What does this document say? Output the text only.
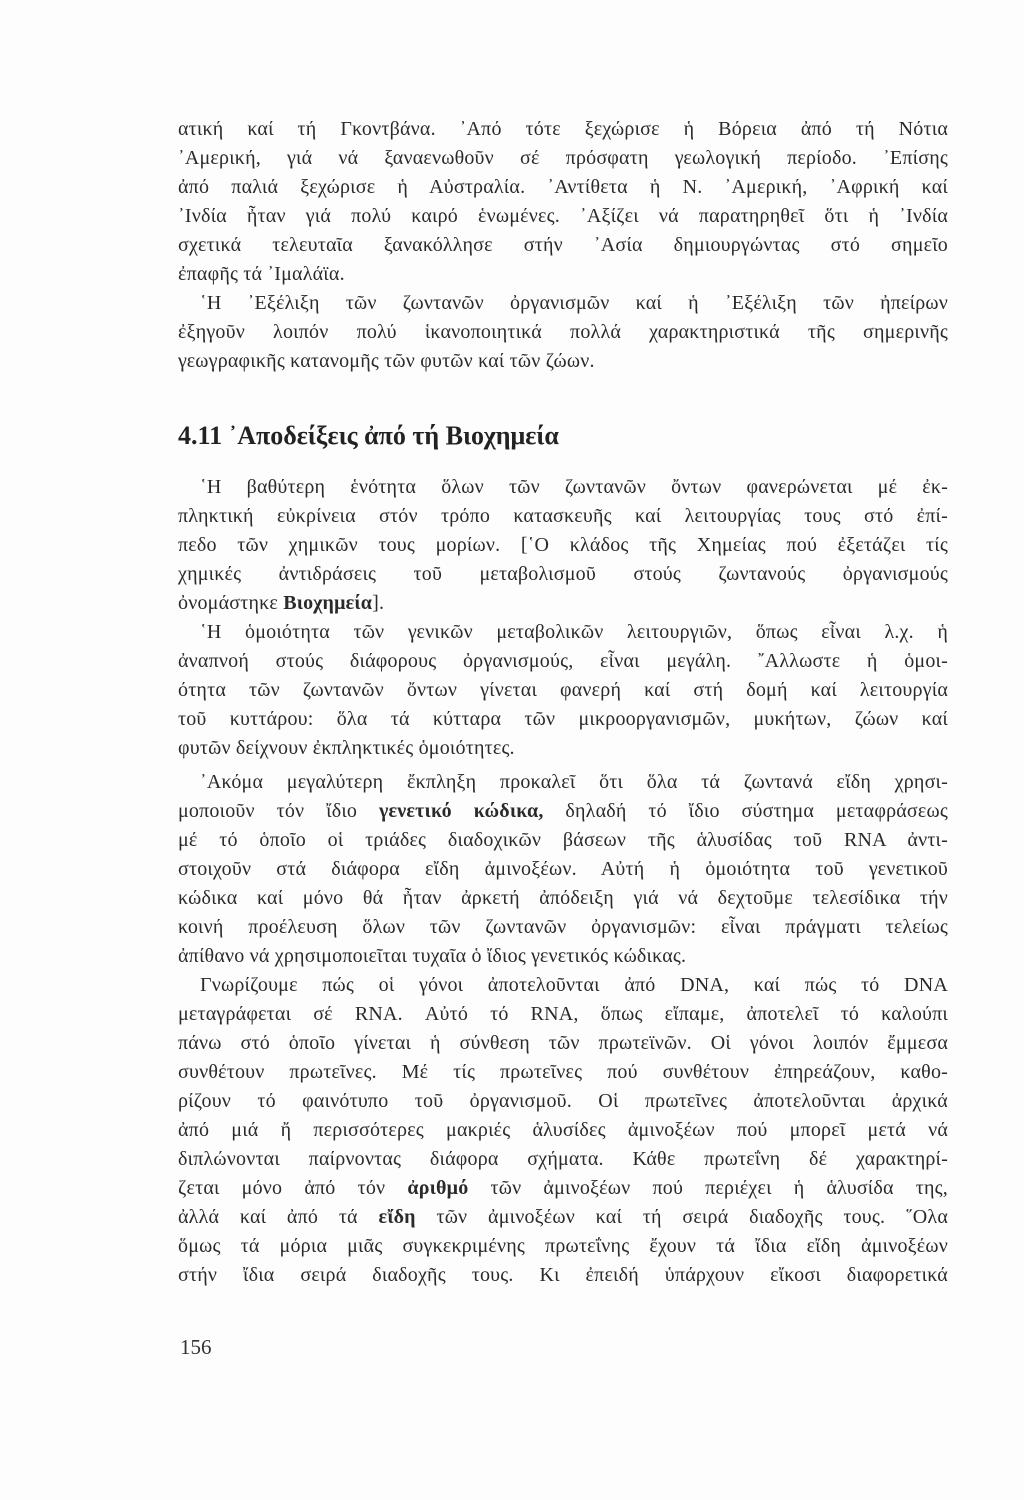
ατική καί τή Γκοντβάνα. ᾿Από τότε ξεχώρισε ἡ Βόρεια ἀπό τή Νότια
᾿Αμερική, γιά νά ξαναενωθοῦν σέ πρόσφατη γεωλογική περίοδο. ᾿Επίσης
ἀπό παλιά ξεχώρισε ἡ Αὐστραλία. ᾿Αντίθετα ἡ Ν. ᾿Αμερική, ᾿Αφρική καί
᾿Ινδία ἦταν γιά πολύ καιρό ἑνωμένες. ᾿Αξίζει νά παρατηρηθεῖ ὅτι ἡ ᾿Ινδία
σχετικά τελευταῖα ξανακόλλησε στήν ᾿Ασία δημιουργώντας στό σημεῖο
ἐπαφῆς τά ᾿Ιμαλάϊα.
῾Η ᾿Εξέλιξη τῶν ζωντανῶν ὀργανισμῶν καί ἡ ᾿Εξέλιξη τῶν ἠπείρων
ἐξηγοῦν λοιπόν πολύ ἱκανοποιητικά πολλά χαρακτηριστικά τῆς σημερινῆς
γεωγραφικῆς κατανομῆς τῶν φυτῶν καί τῶν ζώων.
4.11 ᾿Αποδείξεις ἀπό τή Βιοχημεία
῾Η βαθύτερη ἑνότητα ὅλων τῶν ζωντανῶν ὄντων φανερώνεται μέ ἐκ-
πληκτική εὐκρίνεια στόν τρόπο κατασκευῆς καί λειτουργίας τους στό ἐπί-
πεδο τῶν χημικῶν τους μορίων. [῾Ο κλάδος τῆς Χημείας πού ἐξετάζει τίς
χημικές ἀντιδράσεις τοῦ μεταβολισμοῦ στούς ζωντανούς ὀργανισμούς
ὀνομάστηκε Βιοχημεία].
῾Η ὁμοιότητα τῶν γενικῶν μεταβολικῶν λειτουργιῶν, ὅπως εἶναι λ.χ. ἡ
ἀναπνοή στούς διάφορους ὀργανισμούς, εἶναι μεγάλη. ῎Αλλωστε ἡ ὁμοι-
ότητα τῶν ζωντανῶν ὄντων γίνεται φανερή καί στή δομή καί λειτουργία
τοῦ κυττάρου: ὅλα τά κύτταρα τῶν μικροοργανισμῶν, μυκήτων, ζώων καί
φυτῶν δείχνουν ἐκπληκτικές ὁμοιότητες.
᾿Ακόμα μεγαλύτερη ἔκπληξη προκαλεῖ ὅτι ὅλα τά ζωντανά εἴδη χρησι-
μοποιοῦν τόν ἴδιο γενετικό κώδικα, δηλαδή τό ἴδιο σύστημα μεταφράσεως
μέ τό ὁποῖο οἱ τριάδες διαδοχικῶν βάσεων τῆς ἁλυσίδας τοῦ RNA ἀντι-
στοιχοῦν στά διάφορα εἴδη ἀμινοξέων. Αὐτή ἡ ὁμοιότητα τοῦ γενετικοῦ
κώδικα καί μόνο θά ἦταν ἀρκετή ἀπόδειξη γιά νά δεχτοῦμε τελεσίδικα τήν
κοινή προέλευση ὅλων τῶν ζωντανῶν ὀργανισμῶν: εἶναι πράγματι τελείως
ἀπίθανο νά χρησιμοποιεῖται τυχαῖα ὁ ἴδιος γενετικός κώδικας.
Γνωρίζουμε πώς οἱ γόνοι ἀποτελοῦνται ἀπό DNA, καί πώς τό DNA
μεταγράφεται σέ RNA. Αὐτό τό RNA, ὅπως εἴπαμε, ἀποτελεῖ τό καλούπι
πάνω στό ὁποῖο γίνεται ἡ σύνθεση τῶν πρωτεϊνῶν. Οἱ γόνοι λοιπόν ἔμμεσα
συνθέτουν πρωτεῖνες. Μέ τίς πρωτεῖνες πού συνθέτουν ἐπηρεάζουν, καθο-
ρίζουν τό φαινότυπο τοῦ ὀργανισμοῦ. Οἱ πρωτεῖνες ἀποτελοῦνται ἀρχικά
ἀπό μιά ἤ περισσότερες μακριές ἁλυσίδες ἀμινοξέων πού μπορεῖ μετά νά
διπλώνονται παίρνοντας διάφορα σχήματα. Κάθε πρωτεΐνη δέ χαρακτηρί-
ζεται μόνο ἀπό τόν ἀριθμό τῶν ἀμινοξέων πού περιέχει ἡ ἁλυσίδα της,
ἀλλά καί ἀπό τά εἴδη τῶν ἀμινοξέων καί τή σειρά διαδοχῆς τους. ῞Ολα
ὅμως τά μόρια μιᾶς συγκεκριμένης πρωτεΐνης ἔχουν τά ἴδια εἴδη ἀμινοξέων
στήν ἴδια σειρά διαδοχῆς τους. Κι ἐπειδή ὑπάρχουν εἴκοσι διαφορετικά
156
